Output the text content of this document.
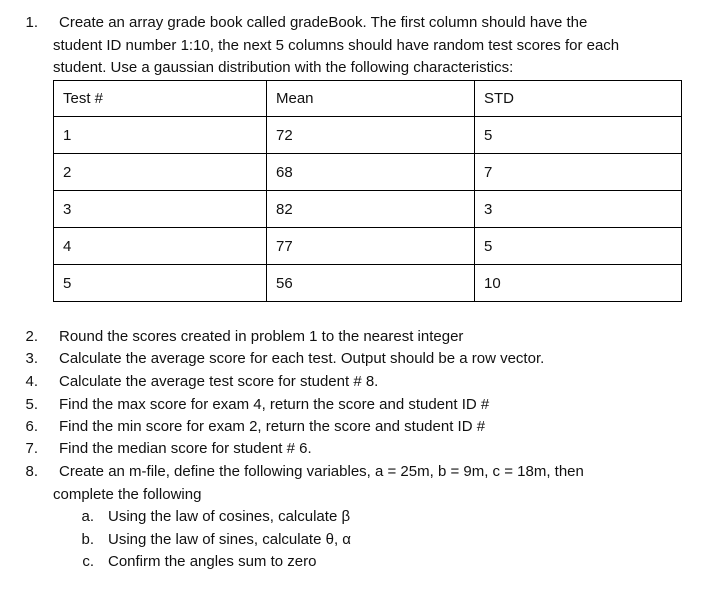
1. Create an array grade book called gradeBook. The first column should have the
student ID number 1:10, the next 5 columns should have random test scores for each
student. Use a gaussian distribution with the following characteristics:
Test #	Mean	STD
1	72	5
2	68	7
3	82	3
4	77	5
5	56	10
2. Round the scores created in problem 1 to the nearest integer
3. Calculate the average score for each test. Output should be a row vector.
4. Calculate the average test score for student # 8.
5. Find the max score for exam 4, return the score and student ID #
6. Find the min score for exam 2, return the score and student ID #
7. Find the median score for student # 6.
8. Create an m-file, define the following variables, a = 25m, b = 9m, c = 18m, then
complete the following
a. Using the law of cosines, calculate β
b. Using the law of sines, calculate θ, α
c. Confirm the angles sum to zero
